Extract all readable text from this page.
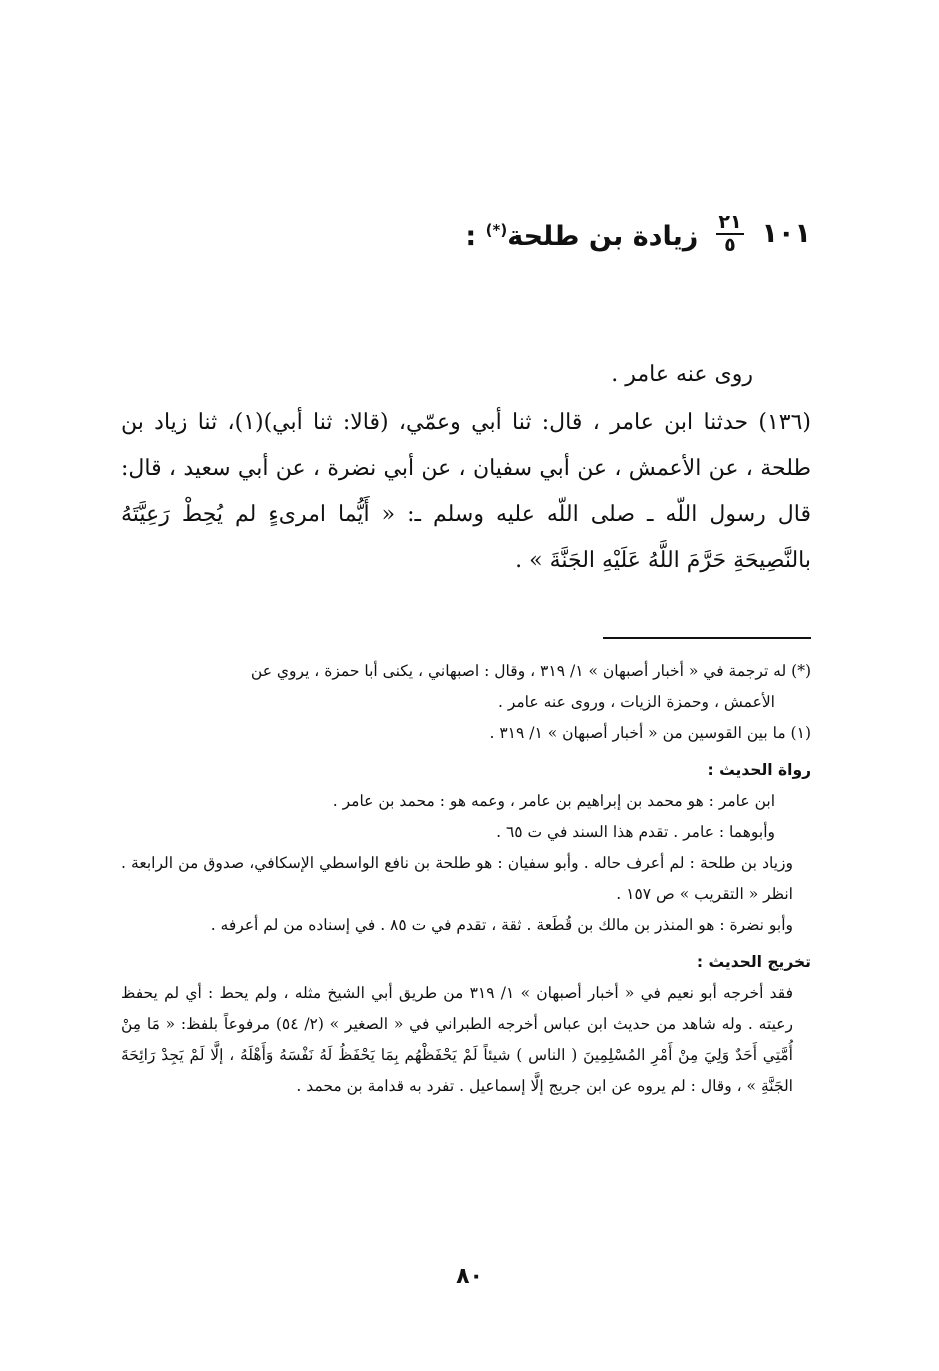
١٠١
$\frac{٢١}{٥}$
زيادة بن طلحة(*) :
روى عنه عامر .

(١٣٦) حدثنا ابن عامر ، قال: ثنا أبي وعمّي، (قالا: ثنا أبي)(١)، ثنا زياد بن طلحة ، عن الأعمش ، عن أبي سفيان ، عن أبي نضرة ، عن أبي سعيد ، قال: قال رسول اللّه ـ صلى اللّه عليه وسلم ـ: « أَيُّما امرىءٍ لم يُحِطْ رَعِيَّتَهُ بالنَّصِيحَةِ حَرَّمَ اللَّهُ عَلَيْهِ الجَنَّةَ » .

(*) له ترجمة في « أخبار أصبهان » ١/ ٣١٩ ، وقال : اصبهاني ، يكنى أبا حمزة ، يروي عن

الأعمش ، وحمزة الزيات ، وروى عنه عامر .

(١) ما بين القوسين من « أخبار أصبهان » ١/ ٣١٩ .

رواة الحديث :

ابن عامر : هو محمد بن إبراهيم بن عامر ، وعمه هو : محمد بن عامر .

وأبوهما : عامر . تقدم هذا السند في ت ٦٥ .

وزياد بن طلحة : لم أعرف حاله . وأبو سفيان : هو طلحة بن نافع الواسطي الإسكافي، صدوق من الرابعة . انظر « التقريب » ص ١٥٧ .

وأبو نضرة : هو المنذر بن مالك بن قُطَعة . ثقة ، تقدم في ت ٨٥ . في إسناده من لم أعرفه .

تخريج الحديث :

فقد أخرجه أبو نعيم في « أخبار أصبهان » ١/ ٣١٩ من طريق أبي الشيخ مثله ، ولم يحط : أي لم يحفظ رعيته . وله شاهد من حديث ابن عباس أخرجه الطبراني في « الصغير » (٢/ ٥٤) مرفوعاً بلفظ: « مَا مِنْ أُمَّتِي أَحَدٌ وَلِيَ مِنْ أَمْرِ المُسْلِمِينَ ( الناس ) شيئاً لَمْ يَحْفَظْهُم بِمَا يَحْفَظُ لَهُ نَفْسَهُ وَأَهْلَهُ ، إلَّا لَمْ يَجِدْ رَائِحَةَ الجَنَّةِ » ، وقال : لم يروه عن ابن جريج إلَّا إسماعيل . تفرد به قدامة بن محمد .

٨٠
